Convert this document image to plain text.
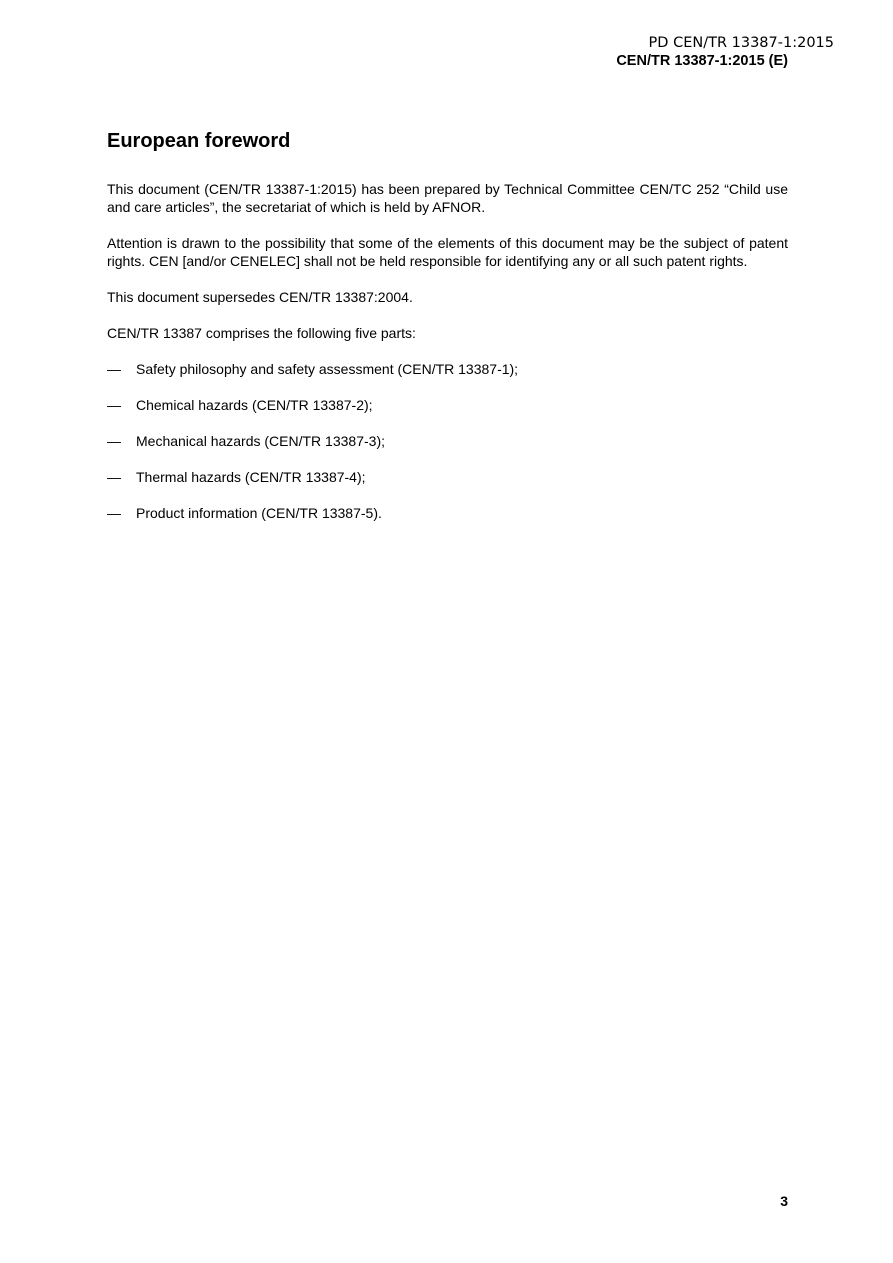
PD CEN/TR 13387-1:2015
CEN/TR 13387-1:2015 (E)
European foreword

This document (CEN/TR 13387-1:2015) has been prepared by Technical Committee CEN/TC 252 “Child use and care articles”, the secretariat of which is held by AFNOR.

Attention is drawn to the possibility that some of the elements of this document may be the subject of patent rights. CEN [and/or CENELEC] shall not be held responsible for identifying any or all such patent rights.

This document supersedes CEN/TR 13387:2004.

CEN/TR 13387 comprises the following five parts:

—	Safety philosophy and safety assessment (CEN/TR 13387-1);
—	Chemical hazards (CEN/TR 13387-2);
—	Mechanical hazards (CEN/TR 13387-3);
—	Thermal hazards (CEN/TR 13387-4);
—	Product information (CEN/TR 13387-5).
3
